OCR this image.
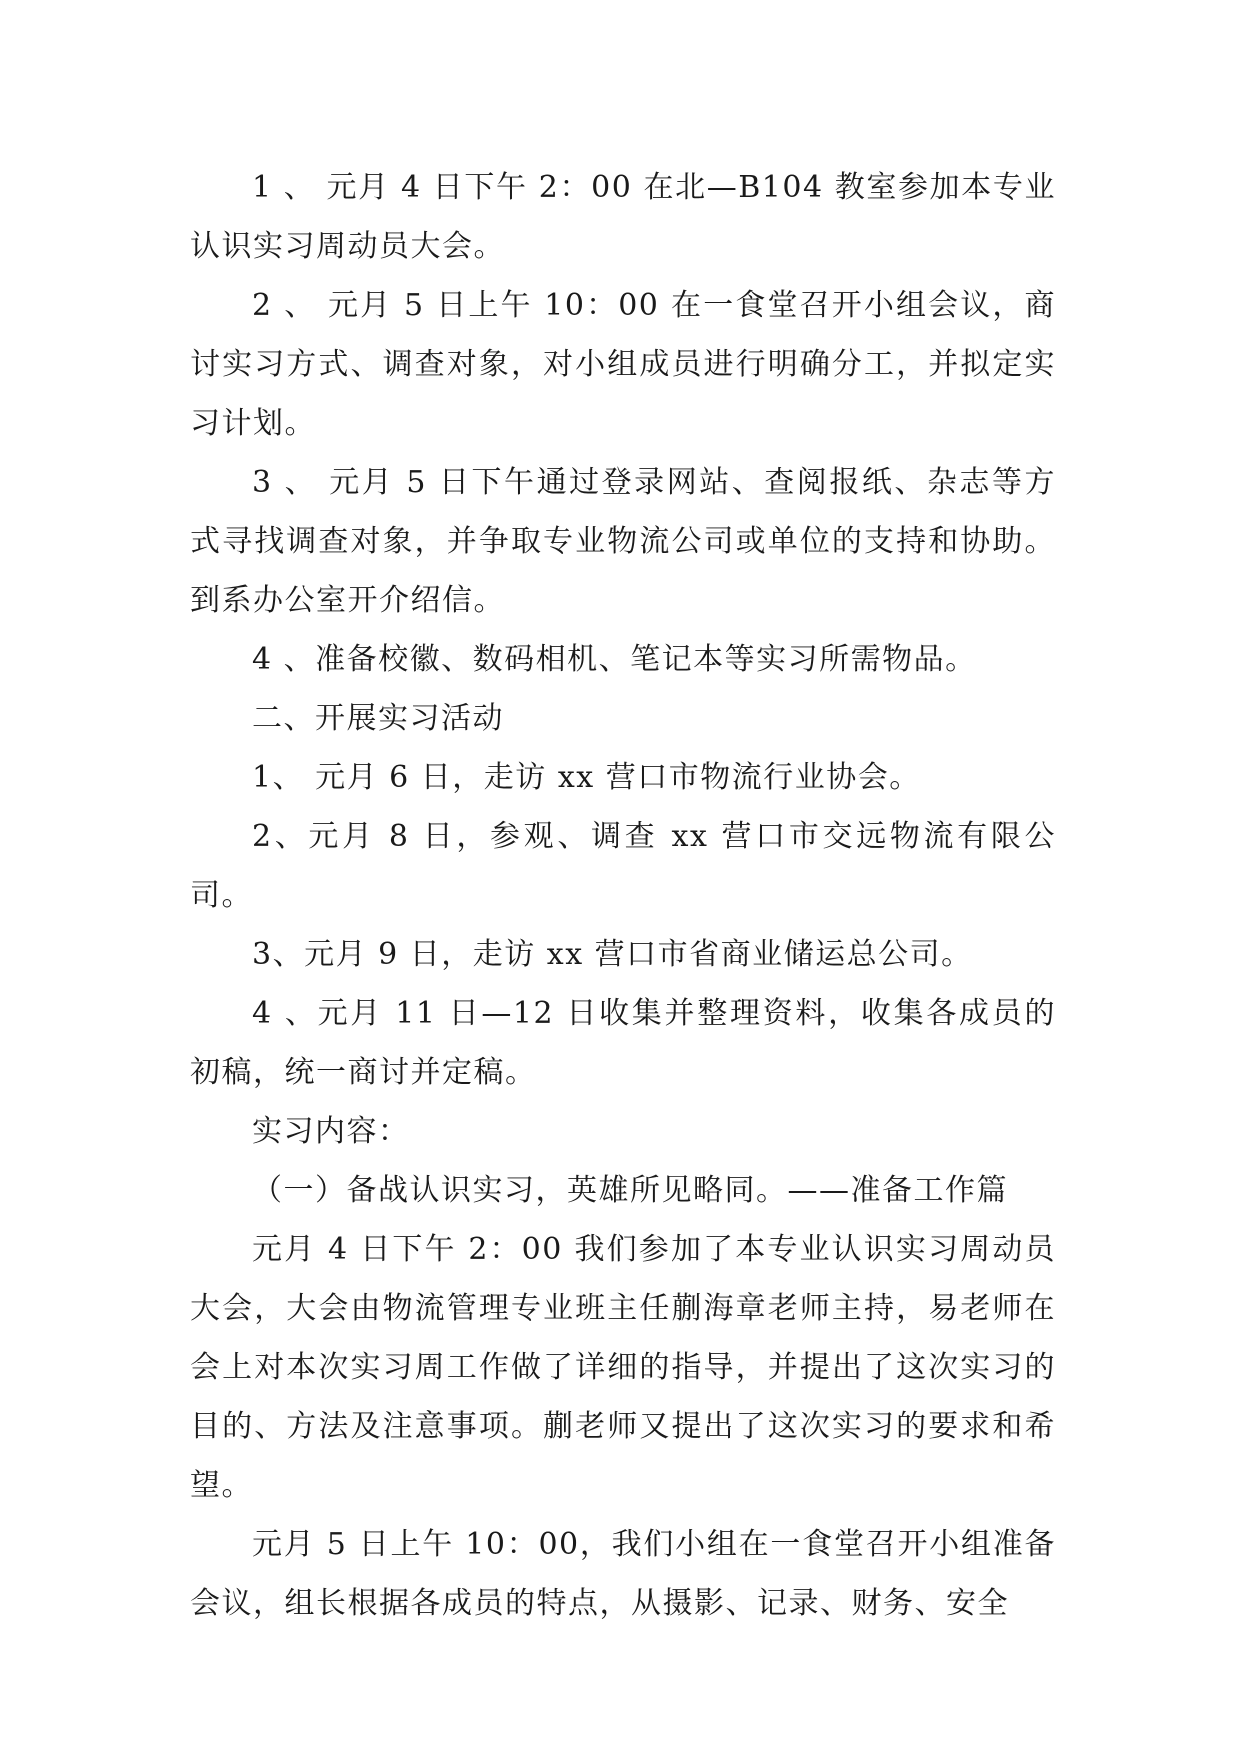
1 、 元月 4 日下午 2：00 在北—B104 教室参加本专业认识实习周动员大会。

2 、 元月 5 日上午 10：00 在一食堂召开小组会议，商讨实习方式、调查对象，对小组成员进行明确分工，并拟定实习计划。

3 、 元月 5 日下午通过登录网站、查阅报纸、杂志等方式寻找调查对象，并争取专业物流公司或单位的支持和协助。到系办公室开介绍信。

4 、准备校徽、数码相机、笔记本等实习所需物品。

二、开展实习活动

1、 元月 6 日，走访 xx 营口市物流行业协会。

2、元月 8 日，参观、调查 xx 营口市交远物流有限公司。

3、元月 9 日，走访 xx 营口市省商业储运总公司。

4 、元月 11 日—12 日收集并整理资料，收集各成员的初稿，统一商讨并定稿。

实习内容：

（一）备战认识实习，英雄所见略同。——准备工作篇

元月 4 日下午 2：00 我们参加了本专业认识实习周动员大会，大会由物流管理专业班主任蒯海章老师主持，易老师在会上对本次实习周工作做了详细的指导，并提出了这次实习的目的、方法及注意事项。蒯老师又提出了这次实习的要求和希望。

元月 5 日上午 10：00，我们小组在一食堂召开小组准备会议，组长根据各成员的特点，从摄影、记录、财务、安全
